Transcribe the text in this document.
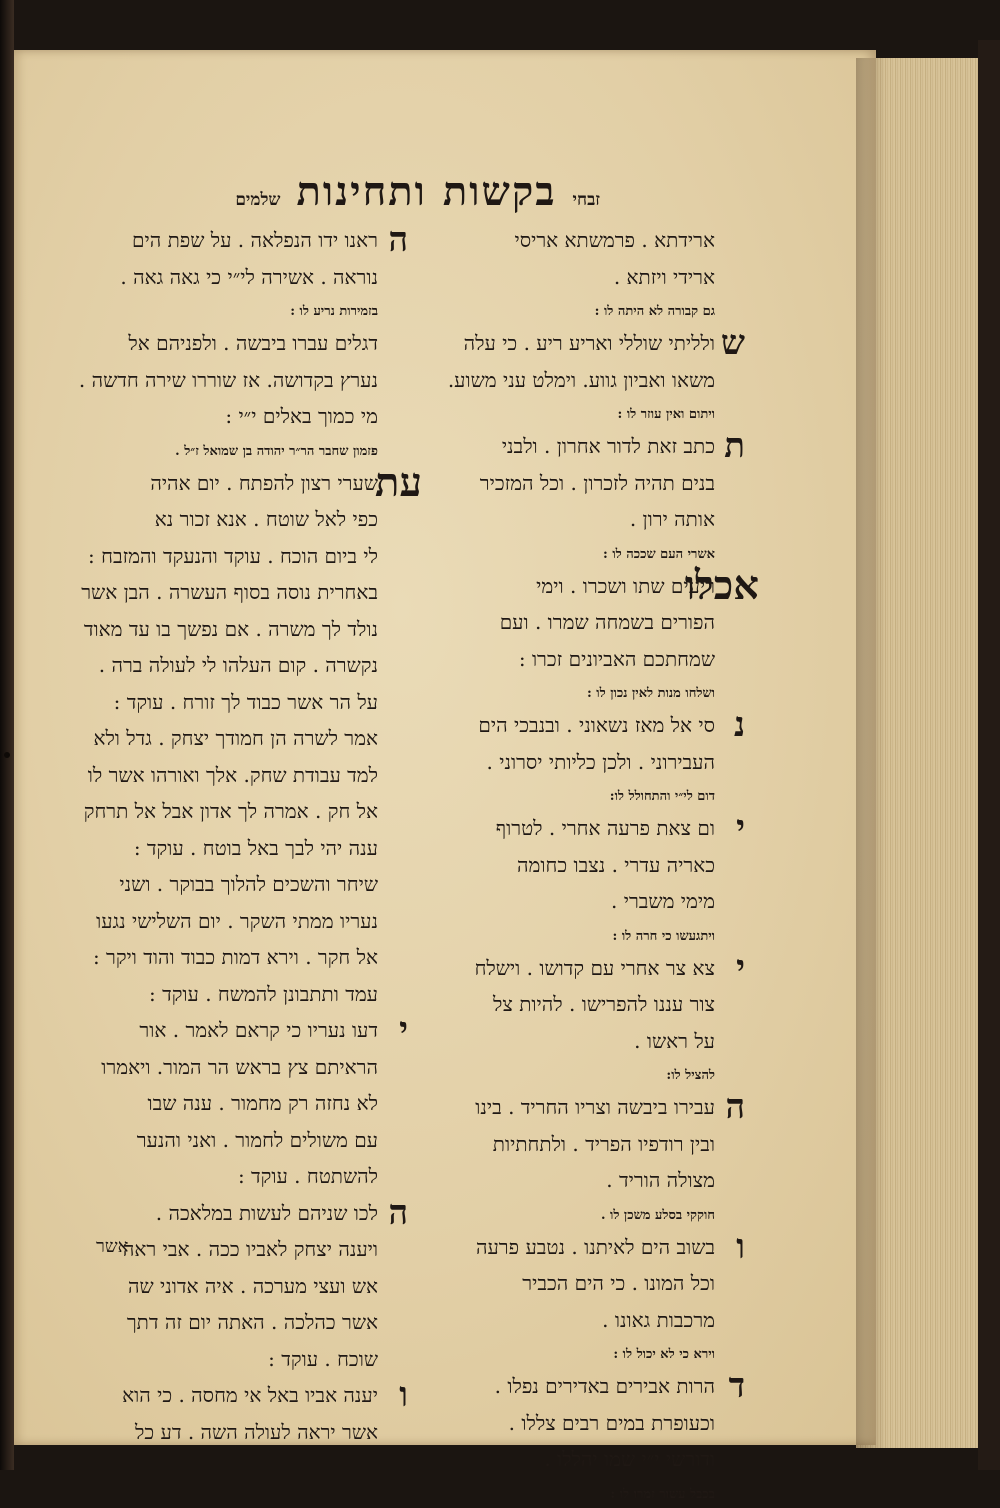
זבחי
בקשות
ותחינות
שלמים
ארידתא . פרמשתא אריסי
ארידי ויזתא .
גם קבורה לא היתה לו :
ש
ולליתי שוללי ואריע ריע . כי עלה
משאו ואביון גווע. וימלט עני משוע.
ויתום ואין עוזר לו :
ת
כתב זאת לדור אחרון . ולבני
בנים תהיה לזכרון . וכל המזכיר
אותה ירון .
אשרי העם שככה לו :
אכלו
ריעים שתו ושכרו . וימי
הפורים בשמחה שמרו . ועם
שמחתכם האביונים זכרו :
ושלחו מנות לאין נכון לו :
נ
סי אל מאז נשאוני . ובנבכי הים
העבירוני . ולכן כליותי יסרוני .
דום לי״י והתחולל לו:
י
ום צאת פרעה אחרי . לטרוף
כאריה עדרי . נצבו כחומה
מימי משברי .
ויתגעשו כי חרה לו :
י
צא צר אחרי עם קדושו . וישלח
צור עננו להפרישו . להיות צל
על ראשו .
להציל לו:
ה
עבירו ביבשה וצריו החריד . בינו
ובין רודפיו הפריד . ולתחתיות
מצולה הוריד .
חוקקי בסלע משכן לו .
ו
בשוב הים לאיתנו . נטבע פרעה
וכל המונו . כי הים הכביר
מרכבות גאונו .
וירא כי לא יכול לו :
ד
הרות אבירים באדירים נפלו .
וכעופרת במים רבים צללו .
ודורשי י״י שמו יהללו .
בכבל עשור זמרו לו :
ה
ראנו ידו הנפלאה . על שפת הים
נוראה . אשירה לי״י כי גאה גאה .
בזמירות נריע לו :
דגלים עברו ביבשה . ולפניהם אל
נערץ בקדושה. אז שוררו שירה חדשה .
מי כמוך באלים י״י :
פזמון שחבר הר״ר יהודה בן שמואל ז״ל .
עת
שערי רצון להפתח . יום אהיה
כפי לאל שוטח . אנא זכור נא
לי ביום הוכח . עוקד והנעקד והמזבח :
באחרית נוסה בסוף העשרה . הבן אשר
נולד לך משרה . אם נפשך בו עד מאוד
נקשרה . קום העלהו לי לעולה ברה .
על הר אשר כבוד לך זורח . עוקד :
אמר לשרה הן חמודך יצחק . גדל ולא
למד עבודת שחק. אלך ואורהו אשר לו
אל חק . אמרה לך אדון אבל אל תרחק
ענה יהי לבך באל בוטח . עוקד :
שיחר והשכים להלוך בבוקר . ושני
נעריו ממתי השקר . יום השלישי נגעו
אל חקר . וירא דמות כבוד והוד ויקר :
עמד ותתבונן להמשח . עוקד :
י
דעו נעריו כי קראם לאמר . אור
הראיתם צץ בראש הר המור. ויאמרו
לא נחזה רק מחמור . ענה שבו
עם משולים לחמור . ואני והנער
להשתטח . עוקד :
ה
לכו שניהם לעשות במלאכה .
ויענה יצחק לאביו ככה . אבי ראה
אש ועצי מערכה . איה אדוני שה
אשר כהלכה . האתה יום זה דתך
שוכח . עוקד :
ו
יענה אביו באל אי מחסה . כי הוא
אשר יראה לעולה השה . דע כל
אשר
